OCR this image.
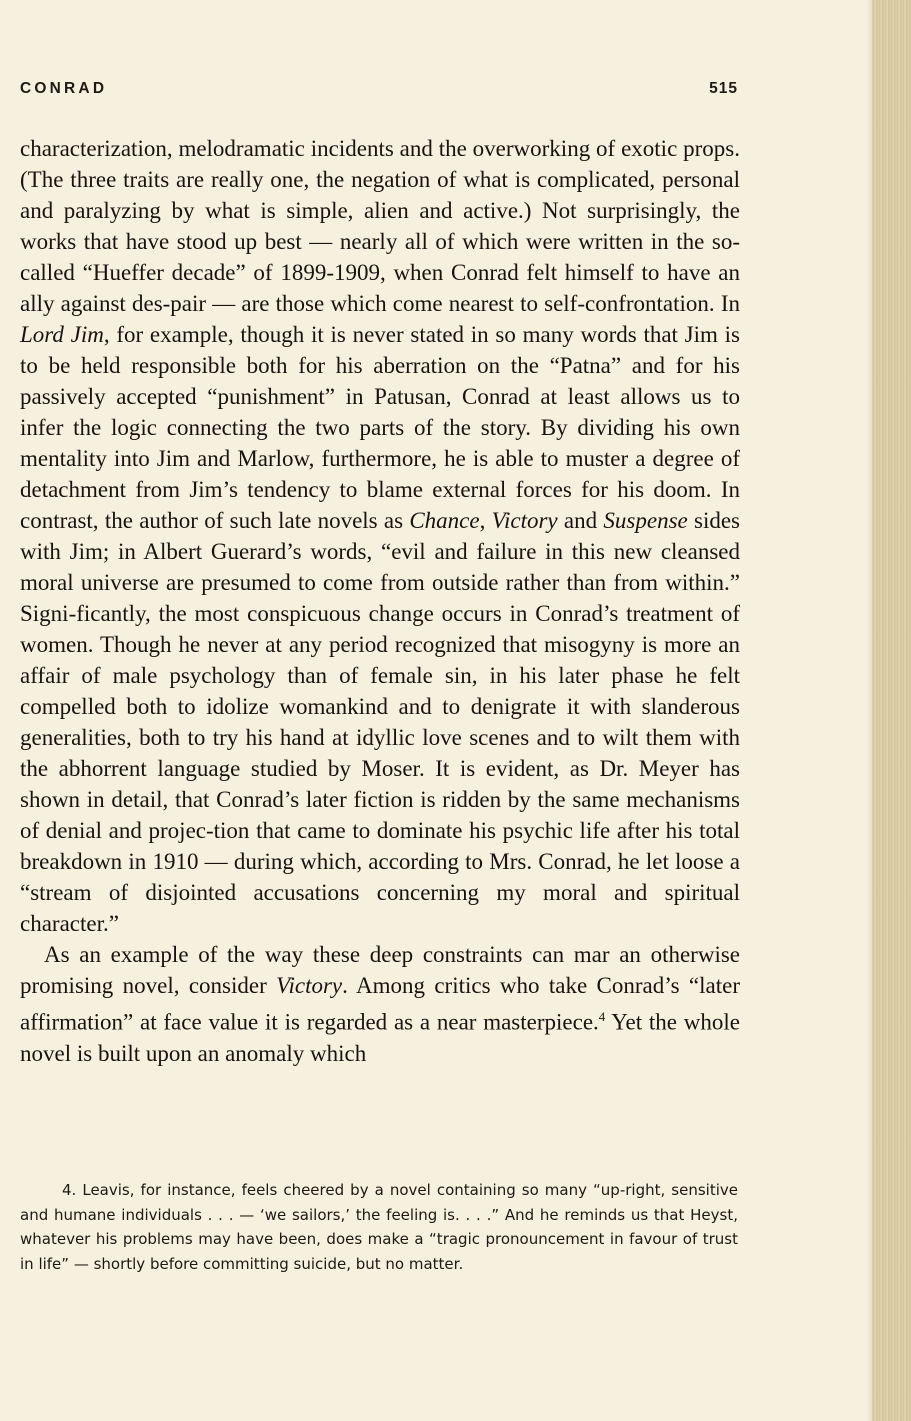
CONRAD	515

characterization, melodramatic incidents and the overworking of exotic props. (The three traits are really one, the negation of what is complicated, personal and paralyzing by what is simple, alien and active.) Not surprisingly, the works that have stood up best — nearly all of which were written in the so-called “Hueffer decade” of 1899-1909, when Conrad felt himself to have an ally against des-pair — are those which come nearest to self-confrontation. In Lord Jim, for example, though it is never stated in so many words that Jim is to be held responsible both for his aberration on the “Patna” and for his passively accepted “punishment” in Patusan, Conrad at least allows us to infer the logic connecting the two parts of the story. By dividing his own mentality into Jim and Marlow, furthermore, he is able to muster a degree of detachment from Jim’s tendency to blame external forces for his doom. In contrast, the author of such late novels as Chance, Victory and Suspense sides with Jim; in Albert Guerard’s words, “evil and failure in this new cleansed moral universe are presumed to come from outside rather than from within.” Signi-ficantly, the most conspicuous change occurs in Conrad’s treatment of women. Though he never at any period recognized that misogyny is more an affair of male psychology than of female sin, in his later phase he felt compelled both to idolize womankind and to denigrate it with slanderous generalities, both to try his hand at idyllic love scenes and to wilt them with the abhorrent language studied by Moser. It is evident, as Dr. Meyer has shown in detail, that Conrad’s later fiction is ridden by the same mechanisms of denial and projec-tion that came to dominate his psychic life after his total breakdown in 1910 — during which, according to Mrs. Conrad, he let loose a “stream of disjointed accusations concerning my moral and spiritual character.”

As an example of the way these deep constraints can mar an otherwise promising novel, consider Victory. Among critics who take Conrad’s “later affirmation” at face value it is regarded as a near masterpiece.$^4$ Yet the whole novel is built upon an anomaly which

4. Leavis, for instance, feels cheered by a novel containing so many “up-right, sensitive and humane individuals . . . — ‘we sailors,’ the feeling is. . . .” And he reminds us that Heyst, whatever his problems may have been, does make a “tragic pronouncement in favour of trust in life” — shortly before committing suicide, but no matter.
